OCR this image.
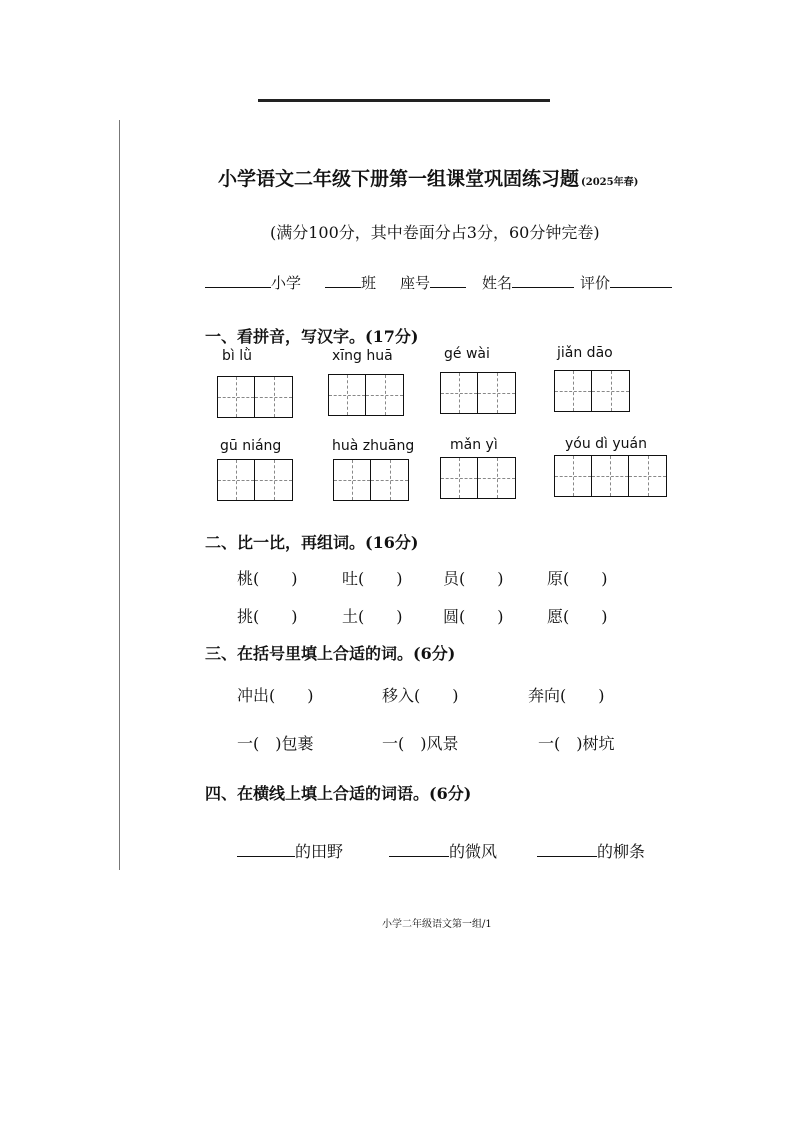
小学语文二年级下册第一组课堂巩固练习题 (2025年春)
(满分100分，其中卷面分占3分，60分钟完卷)
小学	班 座号	姓名	评价
一、看拼音，写汉字。(17分)
bì lǜ	xīng huā	gé wài	jiǎn dāo
gū niáng	huà zhuāng	mǎn yì	yóu dì yuán
二、比一比，再组词。(16分)
桃(　　)	吐(　　)	员(　　)	原(　　)
挑(　　)	土(　　)	圆(　　)	愿(　　)
三、在括号里填上合适的词。(6分)
冲出(　　)	移入(　　)	奔向(　　)
一(　)包裹	一(　)风景	一(　)树坑
四、在横线上填上合适的词语。(6分)
的田野	的微风	的柳条
小学二年级语文第一组/1
